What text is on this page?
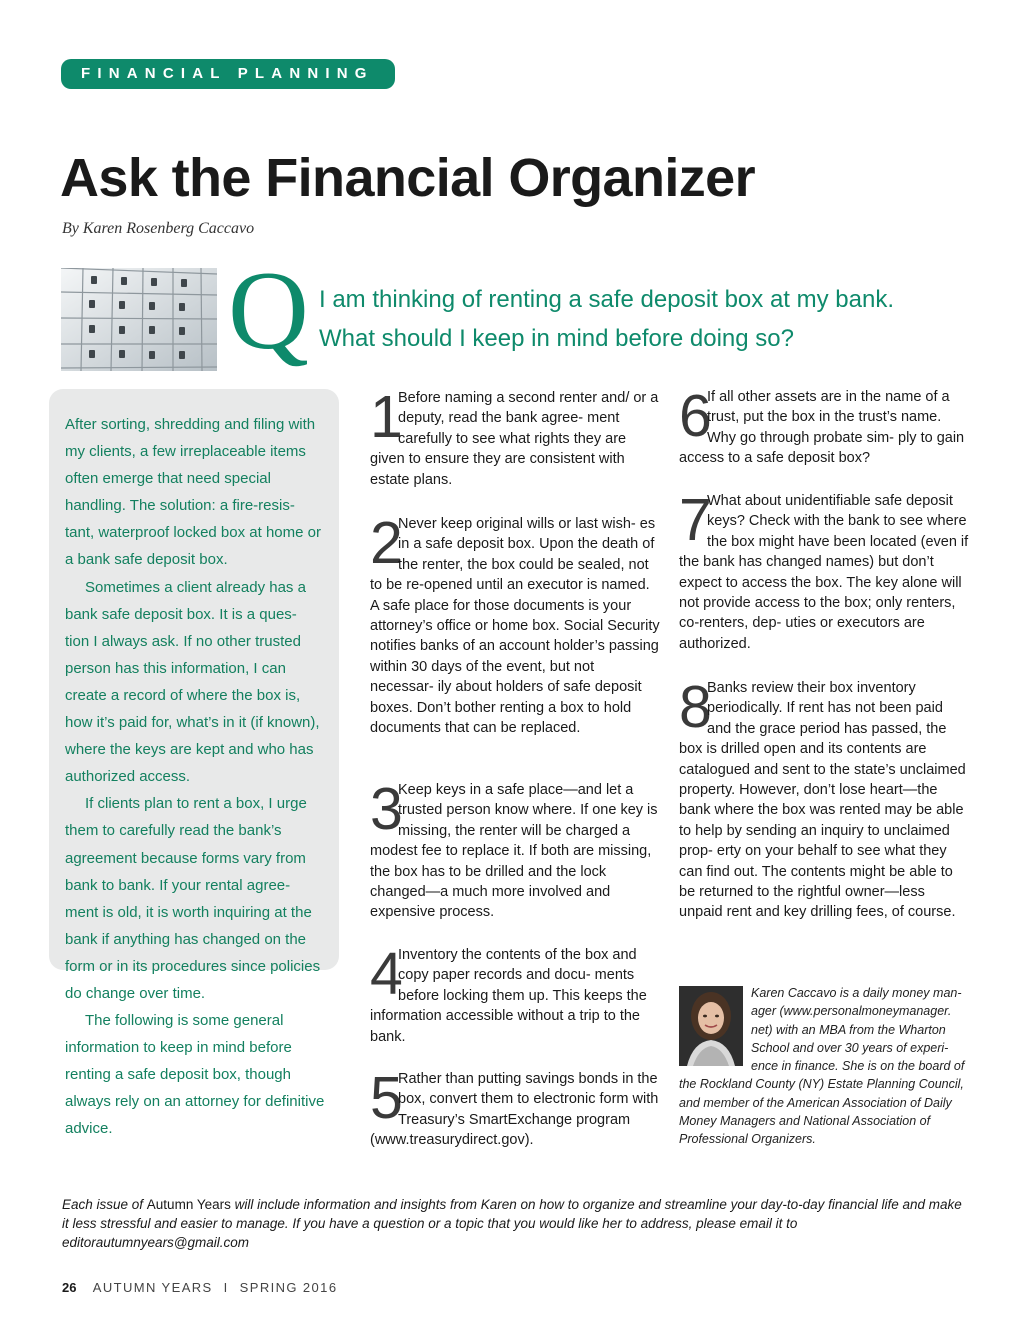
FINANCIAL PLANNING
Ask the Financial Organizer
By Karen Rosenberg Caccavo
Q I am thinking of renting a safe deposit box at my bank.
What should I keep in mind before doing so?

After sorting, shredding and filing with my clients, a few irreplaceable items often emerge that need special handling. The solution: a fire-resis- tant, waterproof locked box at home or a bank safe deposit box.

Sometimes a client already has a bank safe deposit box. It is a ques- tion I always ask. If no other trusted person has this information, I can create a record of where the box is, how it’s paid for, what’s in it (if known), where the keys are kept and who has authorized access.

If clients plan to rent a box, I urge them to carefully read the bank’s agreement because forms vary from bank to bank. If your rental agree- ment is old, it is worth inquiring at the bank if anything has changed on the form or in its procedures since policies do change over time.

The following is some general information to keep in mind before renting a safe deposit box, though always rely on an attorney for definitive advice.

1
Before naming a second renter and/ or a deputy, read the bank agree- ment carefully to see what rights they are given to ensure they are consistent with estate plans.
2
Never keep original wills or last wish- es in a safe deposit box. Upon the death of the renter, the box could be sealed, not to be re-opened until an executor is named. A safe place for those documents is your attorney’s office or home box. Social Security notifies banks of an account holder’s passing within 30 days of the event, but not necessar- ily about holders of safe deposit boxes. Don’t bother renting a box to hold documents that can be replaced.
3
Keep keys in a safe place—and let a trusted person know where. If one key is missing, the renter will be charged a modest fee to replace it. If both are missing, the box has to be drilled and the lock changed—a much more involved and expensive process.
4
Inventory the contents of the box and copy paper records and docu- ments before locking them up. This keeps the information accessible without a trip to the bank.
5
Rather than putting savings bonds in the box, convert them to electronic form with Treasury’s SmartExchange program (www.treasurydirect.gov).
6
If all other assets are in the name of a trust, put the box in the trust’s name. Why go through probate sim- ply to gain access to a safe deposit box?
7
What about unidentifiable safe deposit keys? Check with the bank to see where the box might have been located (even if the bank has changed names) but don’t expect to access the box. The key alone will not provide access to the box; only renters, co-renters, dep- uties or executors are authorized.
8
Banks review their box inventory periodically. If rent has not been paid and the grace period has passed, the box is drilled open and its contents are catalogued and sent to the state’s unclaimed property. However, don’t lose heart—the bank where the box was rented may be able to help by sending an inquiry to unclaimed prop- erty on your behalf to see what they can find out. The contents might be able to be returned to the rightful owner—less unpaid rent and key drilling fees, of course.
Karen Caccavo is a daily money man- ager (www.personalmoneymanager. net) with an MBA from the Wharton School and over 30 years of experi- ence in finance. She is on the board of the Rockland County (NY) Estate Planning Council, and member of the American Association of Daily Money Managers and National Association of Professional Organizers.
Each issue of Autumn Years will include information and insights from Karen on how to organize and streamline your day-to-day financial life and make it less stressful and easier to manage. If you have a question or a topic that you would like her to address, please email it to editorautumnyears@gmail.com
26 AUTUMN YEARS I SPRING 2016
